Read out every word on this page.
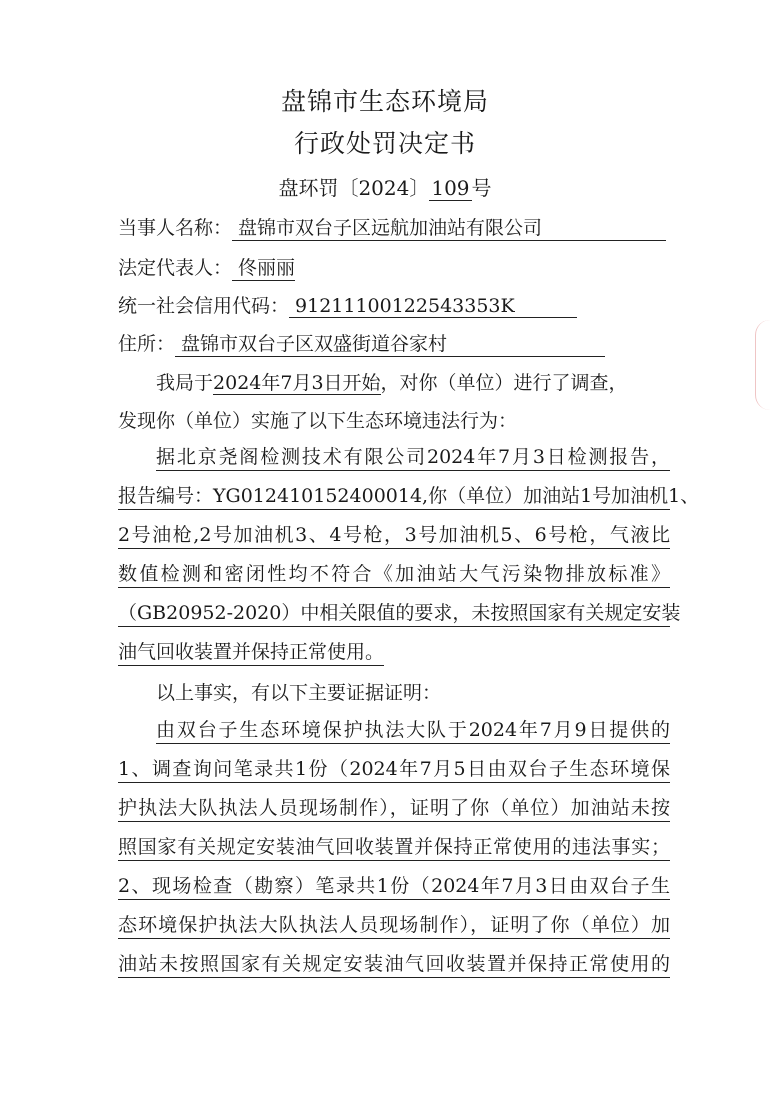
盘锦市生态环境局
行政处罚决定书
盘环罚〔2024〕 109 号
当事人名称： 盘锦市双台子区远航加油站有限公司
法定代表人： 佟丽丽
统一社会信用代码： 91211100122543353K
住所： 盘锦市双台子区双盛街道谷家村
我局于2024年7月3日开始，对你（单位）进行了调查，
发现你（单位）实施了以下生态环境违法行为：
据北京尧阁检测技术有限公司2024年7月3日检测报告，
报告编号：YG012410152400014,你（单位）加油站1号加油机1、
2号油枪,2号加油机3、4号枪，3号加油机5、6号枪，气液比
数值检测和密闭性均不符合《加油站大气污染物排放标准》
（GB20952-2020）中相关限值的要求，未按照国家有关规定安装
油气回收装置并保持正常使用。
以上事实，有以下主要证据证明：
由双台子生态环境保护执法大队于2024年7月9日提供的
1、调查询问笔录共1份（2024年7月5日由双台子生态环境保
护执法大队执法人员现场制作），证明了你（单位）加油站未按
照国家有关规定安装油气回收装置并保持正常使用的违法事实；
2、现场检查（勘察）笔录共1份（2024年7月3日由双台子生
态环境保护执法大队执法人员现场制作），证明了你（单位）加
油站未按照国家有关规定安装油气回收装置并保持正常使用的
